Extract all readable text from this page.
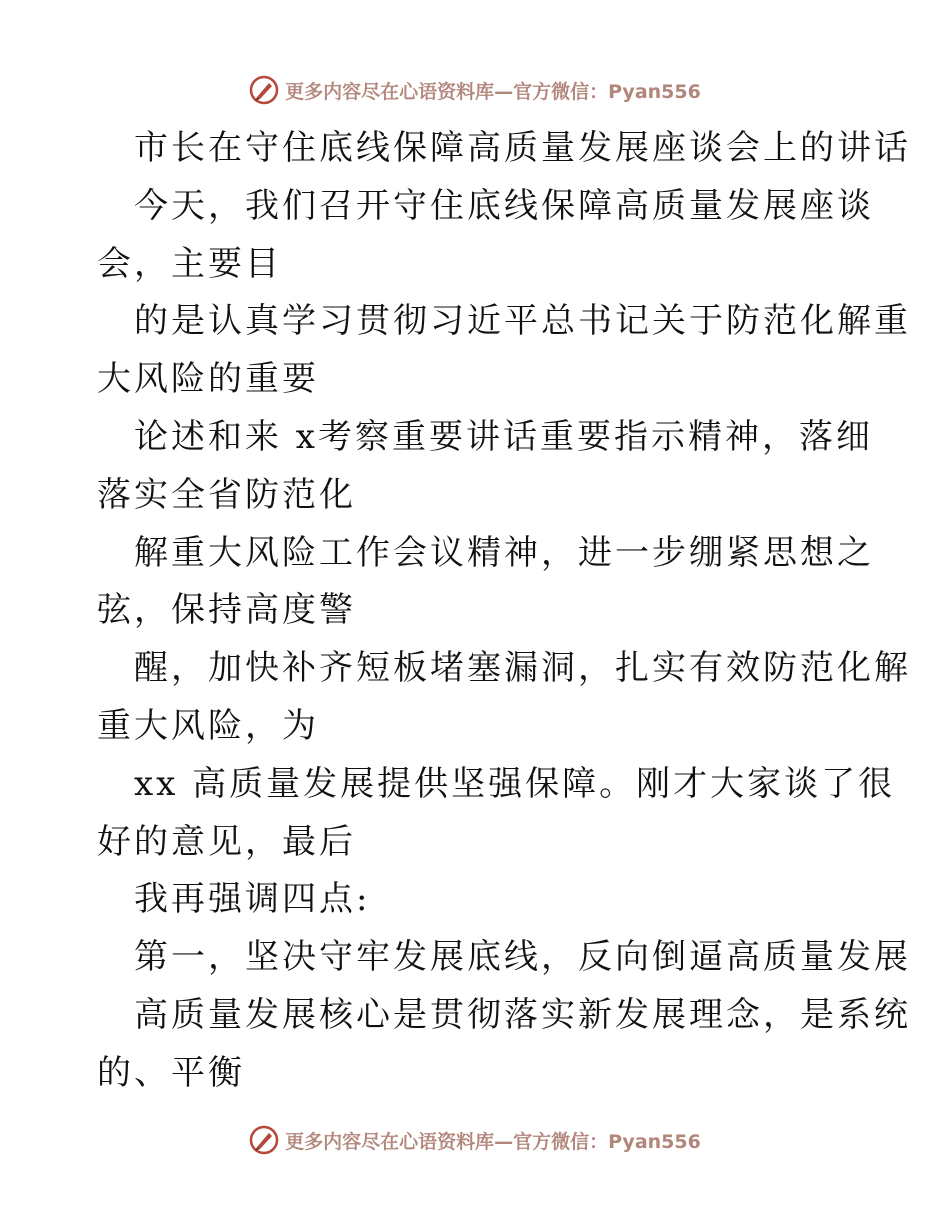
更多内容尽在心语资料库—官方微信：Pyan556
市长在守住底线保障高质量发展座谈会上的讲话
今天，我们召开守住底线保障高质量发展座谈
会，主要目
的是认真学习贯彻习近平总书记关于防范化解重
大风险的重要
论述和来 x考察重要讲话重要指示精神，落细
落实全省防范化
解重大风险工作会议精神，进一步绷紧思想之
弦，保持高度警
醒，加快补齐短板堵塞漏洞，扎实有效防范化解
重大风险，为
xx 高质量发展提供坚强保障。刚才大家谈了很
好的意见，最后
我再强调四点:
第一，坚决守牢发展底线，反向倒逼高质量发展
高质量发展核心是贯彻落实新发展理念，是系统
的、平衡
更多内容尽在心语资料库—官方微信：Pyan556
